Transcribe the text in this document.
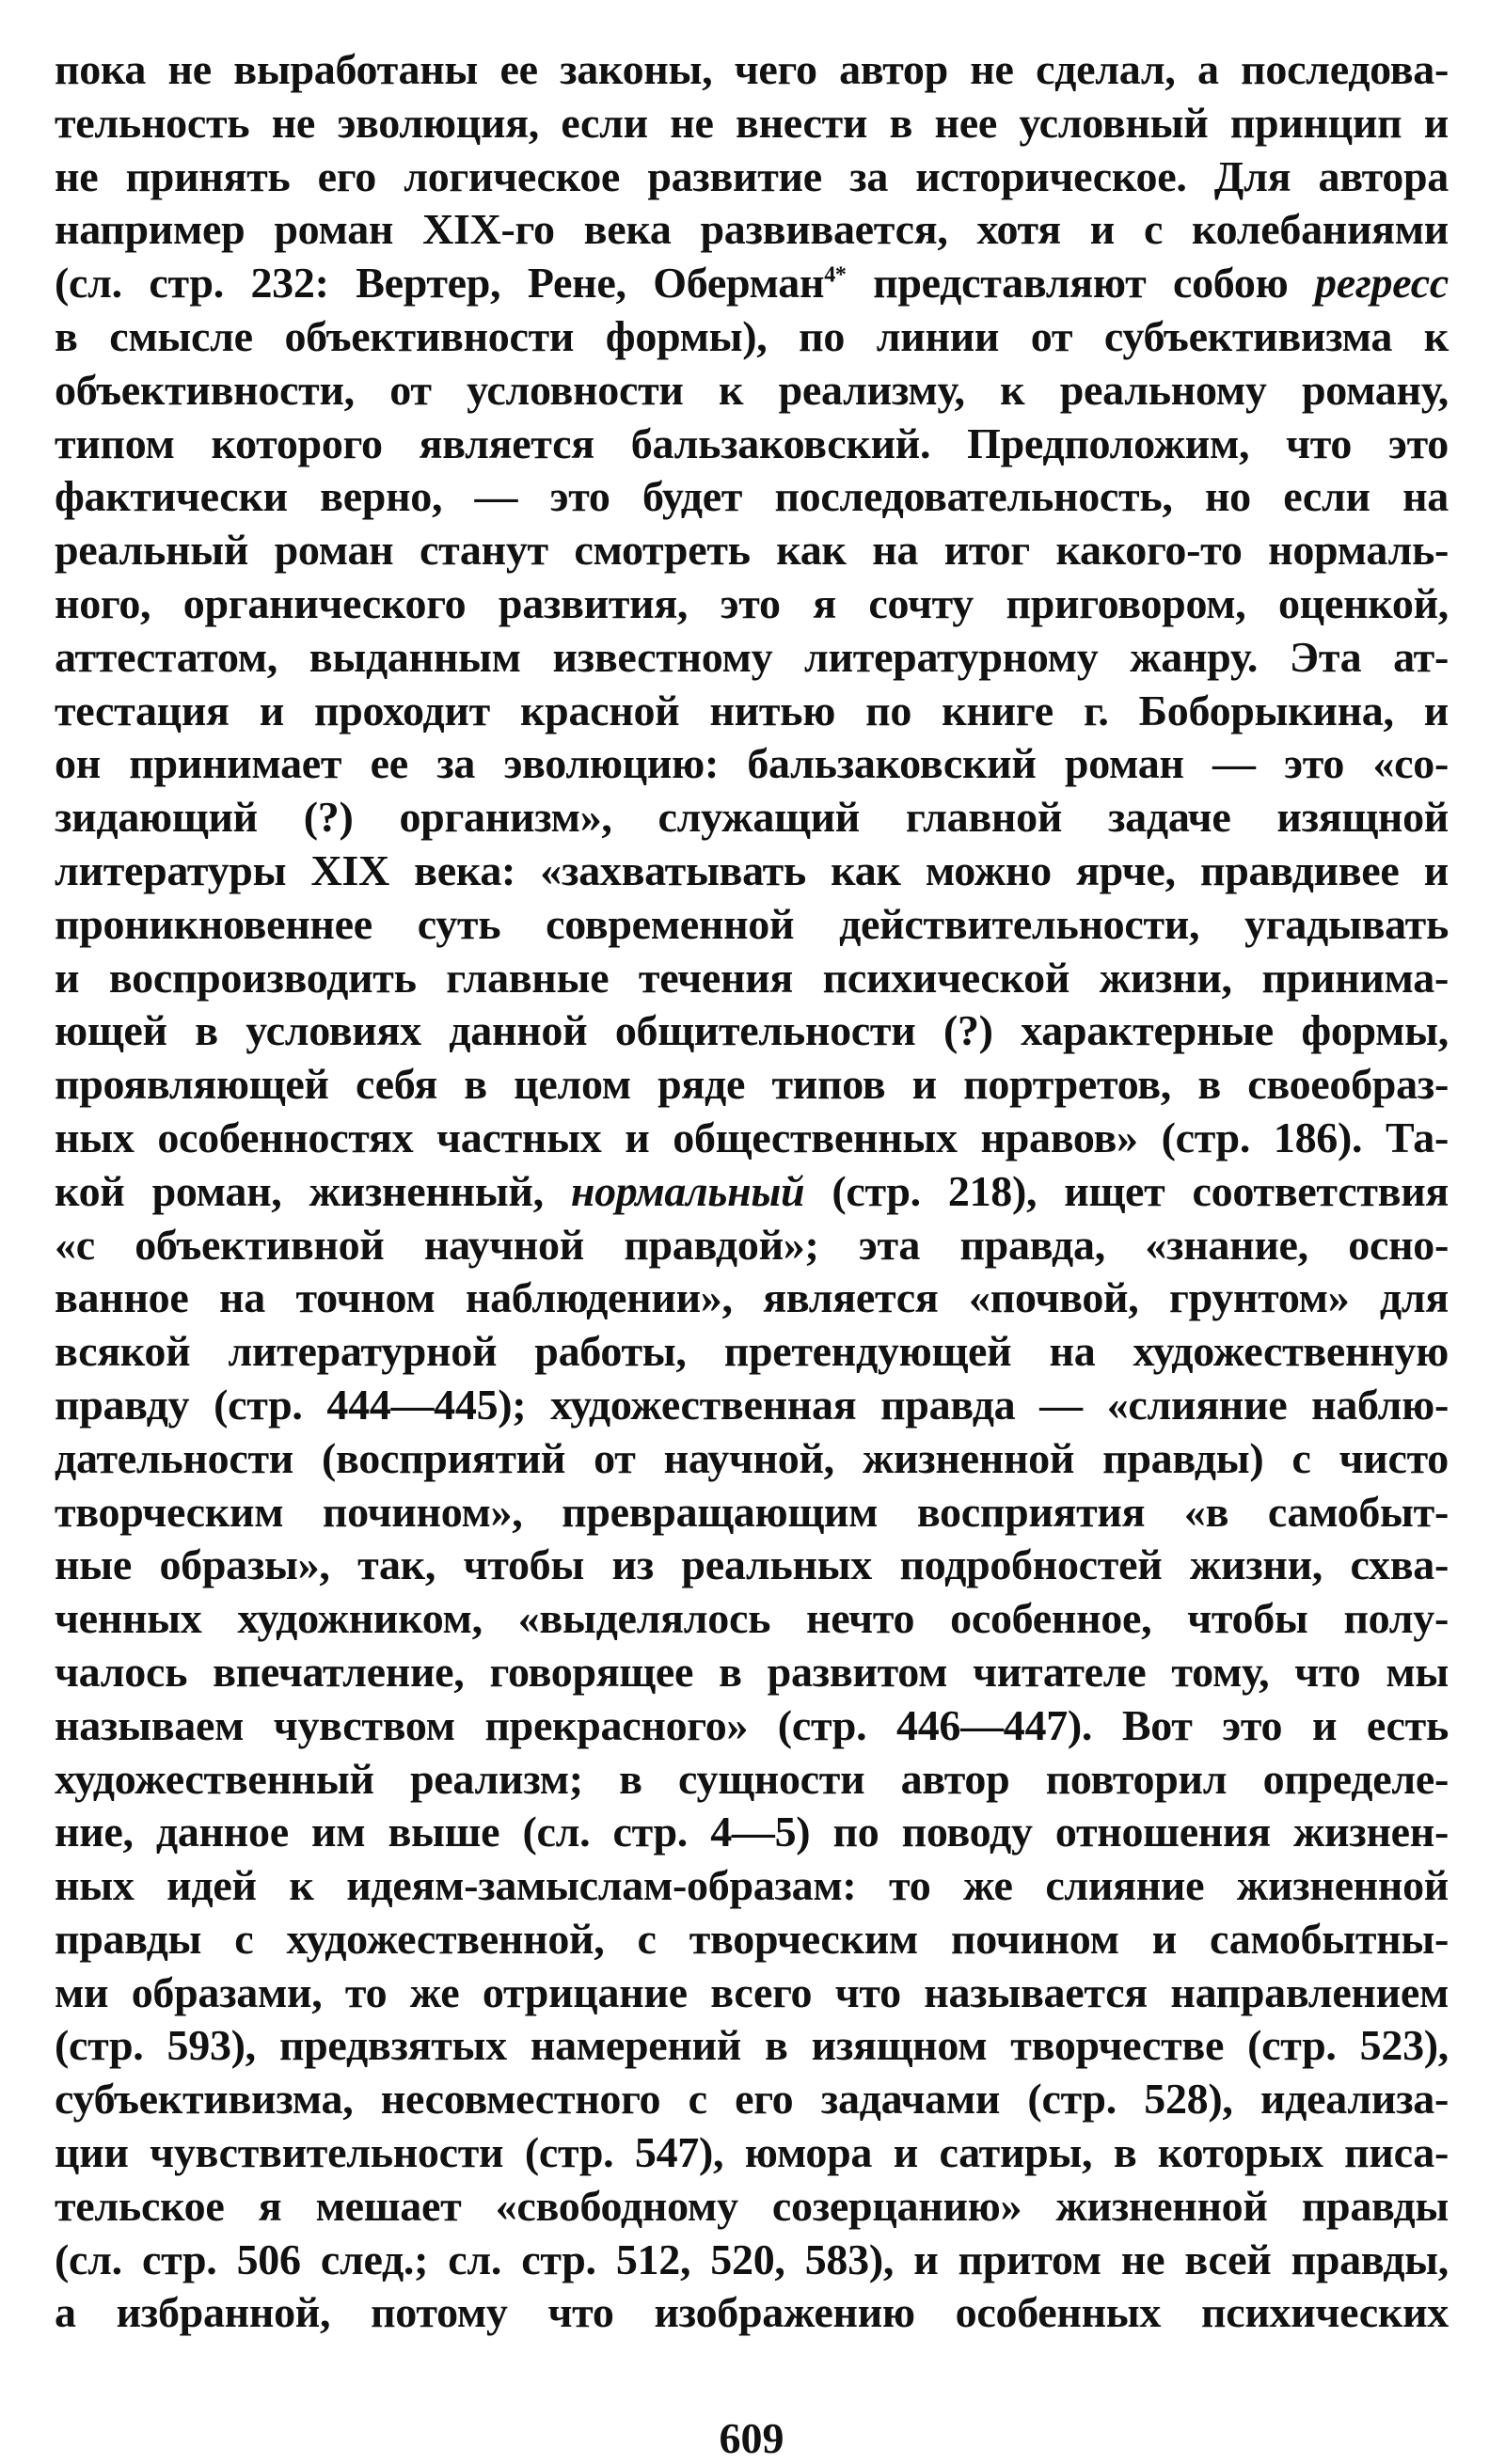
пока не выработаны ее законы, чего автор не сделал, а последова-
тельность не эволюция, если не внести в нее условный принцип и
не принять его логическое развитие за историческое. Для автора
например роман XIX-го века развивается, хотя и с колебаниями
(сл. стр. 232: Вертер, Рене, Оберман$^{4*}$ представляют собою регресс
в смысле объективности формы), по линии от субъективизма к
объективности, от условности к реализму, к реальному роману,
типом которого является бальзаковский. Предположим, что это
фактически верно, — это будет последовательность, но если на
реальный роман станут смотреть как на итог какого-то нормаль-
ного, органического развития, это я сочту приговором, оценкой,
аттестатом, выданным известному литературному жанру. Эта ат-
тестация и проходит красной нитью по книге г. Боборыкина, и
он принимает ее за эволюцию: бальзаковский роман — это «со-
зидающий (?) организм», служащий главной задаче изящной
литературы XIX века: «захватывать как можно ярче, правдивее и
проникновеннее суть современной действительности, угадывать
и воспроизводить главные течения психической жизни, принима-
ющей в условиях данной общительности (?) характерные формы,
проявляющей себя в целом ряде типов и портретов, в своеобраз-
ных особенностях частных и общественных нравов» (стр. 186). Та-
кой роман, жизненный, нормальный (стр. 218), ищет соответствия
«с объективной научной правдой»; эта правда, «знание, осно-
ванное на точном наблюдении», является «почвой, грунтом» для
всякой литературной работы, претендующей на художественную
правду (стр. 444—445); художественная правда — «слияние наблю-
дательности (восприятий от научной, жизненной правды) с чисто
творческим почином», превращающим восприятия «в самобыт-
ные образы», так, чтобы из реальных подробностей жизни, схва-
ченных художником, «выделялось нечто особенное, чтобы полу-
чалось впечатление, говорящее в развитом читателе тому, что мы
называем чувством прекрасного» (стр. 446—447). Вот это и есть
художественный реализм; в сущности автор повторил определе-
ние, данное им выше (сл. стр. 4—5) по поводу отношения жизнен-
ных идей к идеям-замыслам-образам: то же слияние жизненной
правды с художественной, с творческим почином и самобытны-
ми образами, то же отрицание всего что называется направлением
(стр. 593), предвзятых намерений в изящном творчестве (стр. 523),
субъективизма, несовместного с его задачами (стр. 528), идеализа-
ции чувствительности (стр. 547), юмора и сатиры, в которых писа-
тельское я мешает «свободному созерцанию» жизненной правды
(сл. стр. 506 след.; сл. стр. 512, 520, 583), и притом не всей правды,
а избранной, потому что изображению особенных психических
609
